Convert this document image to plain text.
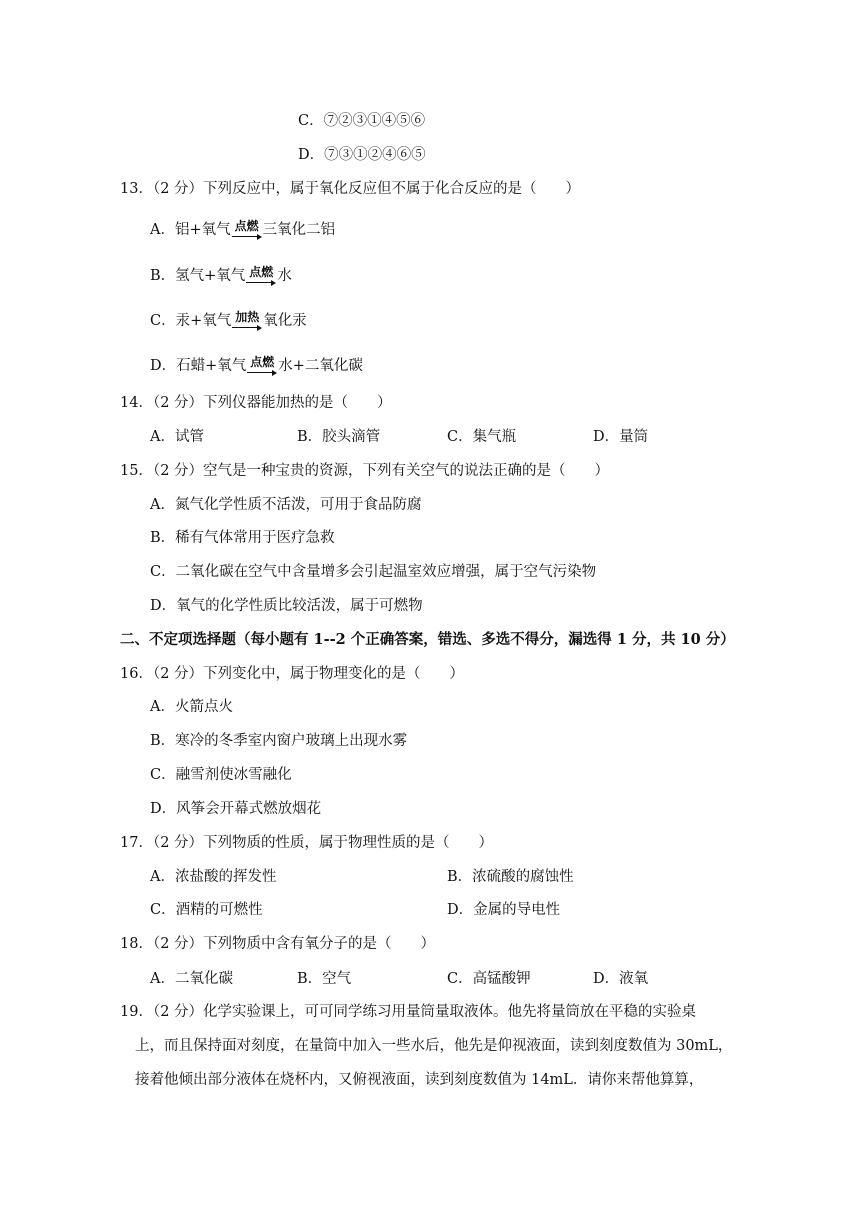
C．⑦②③①④⑤⑥
D．⑦③①②④⑥⑤
13．（2 分）下列反应中，属于氧化反应但不属于化合反应的是（　　）
A．铝+氧气 点燃 三氧化二铝
B．氢气+氧气 点燃 水
C．汞+氧气 加热 氧化汞
D．石蜡+氧气 点燃 水+二氧化碳
14．（2 分）下列仪器能加热的是（　　）
A．试管	B．胶头滴管	C．集气瓶	D．量筒
15．（2 分）空气是一种宝贵的资源，下列有关空气的说法正确的是（　　）
A．氮气化学性质不活泼，可用于食品防腐
B．稀有气体常用于医疗急救
C．二氧化碳在空气中含量增多会引起温室效应增强，属于空气污染物
D．氧气的化学性质比较活泼，属于可燃物
二、不定项选择题（每小题有 1--2 个正确答案，错选、多选不得分，漏选得 1 分，共 10 分）
16．（2 分）下列变化中，属于物理变化的是（　　）
A．火箭点火
B．寒冷的冬季室内窗户玻璃上出现水雾
C．融雪剂使冰雪融化
D．风筝会开幕式燃放烟花
17．（2 分）下列物质的性质，属于物理性质的是（　　）
A．浓盐酸的挥发性	B．浓硫酸的腐蚀性
C．酒精的可燃性	D．金属的导电性
18．（2 分）下列物质中含有氧分子的是（　　）
A．二氧化碳	B．空气	C．高锰酸钾	D．液氧
19．（2 分）化学实验课上，可可同学练习用量筒量取液体。他先将量筒放在平稳的实验桌
上，而且保持面对刻度，在量筒中加入一些水后，他先是仰视液面，读到刻度数值为 30mL，
接着他倾出部分液体在烧杯内，又俯视液面，读到刻度数值为 14mL．请你来帮他算算，
